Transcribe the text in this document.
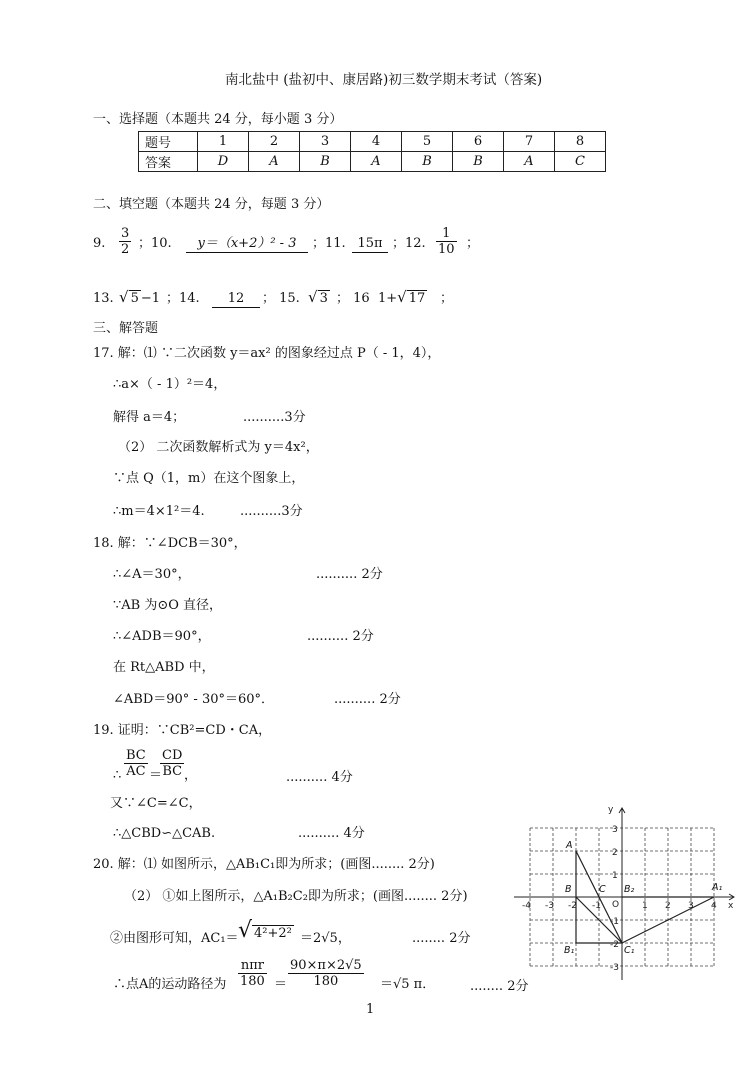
南北盐中 (盐初中、康居路)初三数学期末考试（答案)
一、选择题（本题共 24 分，每小题 3 分）
题号	1	2	3	4	5	6	7	8
答案	D	A	B	A	B	B	A	C
二、填空题（本题共 24 分，每题 3 分）
9. $\frac{3}{2}$ ；10.	y＝（x+2）² - 3	；11. 15π ；12. $\frac{1}{10}$ ；
13. √ 5 −1 ；14.	12	； 15. √ 3 ； 16 1+√ 17 ；
三、解答题
17. 解：⑴ ∵二次函数 y＝ax² 的图象经过点 P（ - 1，4），
∴a×（ - 1）²＝4，
解得 a＝4；	..........3分
（2） 二次函数解析式为 y＝4x²，
∵点 Q（1，m）在这个图象上，
∴m＝4×1²＝4.	..........3分
18. 解：∵∠DCB＝30°，
∴∠A＝30°，	.......... 2分
∵AB 为⊙O 直径，
∴∠ADB＝90°，	.......... 2分
在 Rt△ABD 中，
∠ABD＝90° - 30°＝60°．	.......... 2分
19. 证明：∵CB²=CD・CA，
∴ $\frac{BC}{AC}$ ＝
$\frac{CD}{BC}$ ，	.......... 4分
又∵∠C=∠C，
∴△CBD∽△CAB.	.......... 4分
20. 解：⑴ 如图所示，△AB₁C₁即为所求；(画图........ 2分)
（2） ①如上图所示，△A₁B₂C₂即为所求；(画图........ 2分)
②由图形可知，AC₁＝ √ 4²+2² ＝2√5，	........ 2分
∴点A的运动路径为
nπr
$180 = \frac{90\times\pi\times 2√5}{180} =√5$ π．	........ 2分
-4 -3 -2 -1	1 2 3 4
3
2
1
-1
-2
-3
x
y
O
A
B	C B₂	A₁
B₁	C₁
1
